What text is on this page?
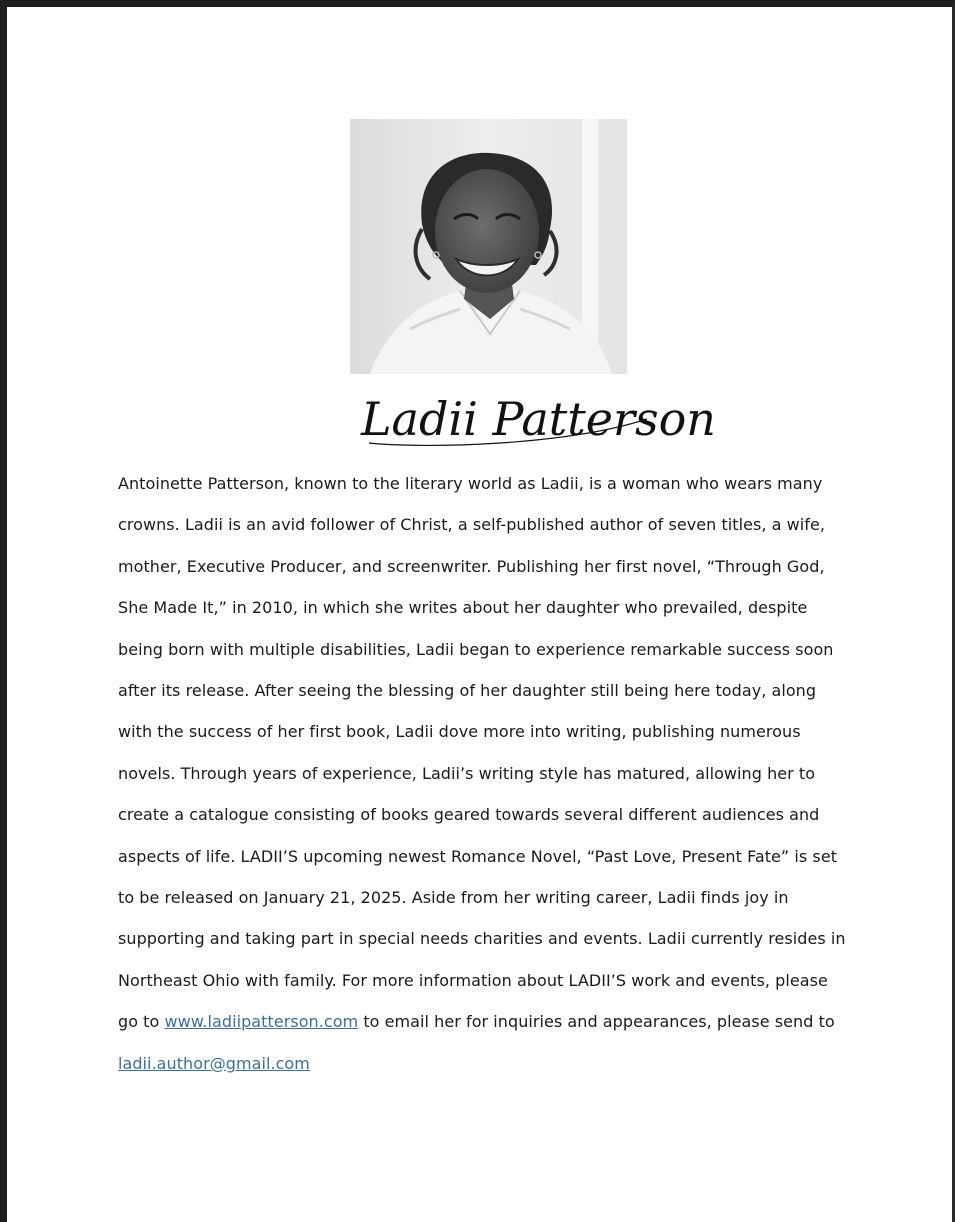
Ladii Patterson
Antoinette Patterson, known to the literary world as Ladii, is a woman who wears many
crowns. Ladii is an avid follower of Christ, a self-published author of seven titles, a wife,
mother, Executive Producer, and screenwriter. Publishing her first novel, “Through God,
She Made It,” in 2010, in which she writes about her daughter who prevailed, despite
being born with multiple disabilities, Ladii began to experience remarkable success soon
after its release. After seeing the blessing of her daughter still being here today, along
with the success of her first book, Ladii dove more into writing, publishing numerous
novels. Through years of experience, Ladii’s writing style has matured, allowing her to
create a catalogue consisting of books geared towards several different audiences and
aspects of life. LADII’S upcoming newest Romance Novel, “Past Love, Present Fate” is set
to be released on January 21, 2025. Aside from her writing career, Ladii finds joy in
supporting and taking part in special needs charities and events. Ladii currently resides in
Northeast Ohio with family. For more information about LADII’S work and events, please
go to www.ladiipatterson.com to email her for inquiries and appearances, please send to
ladii.author@gmail.com
